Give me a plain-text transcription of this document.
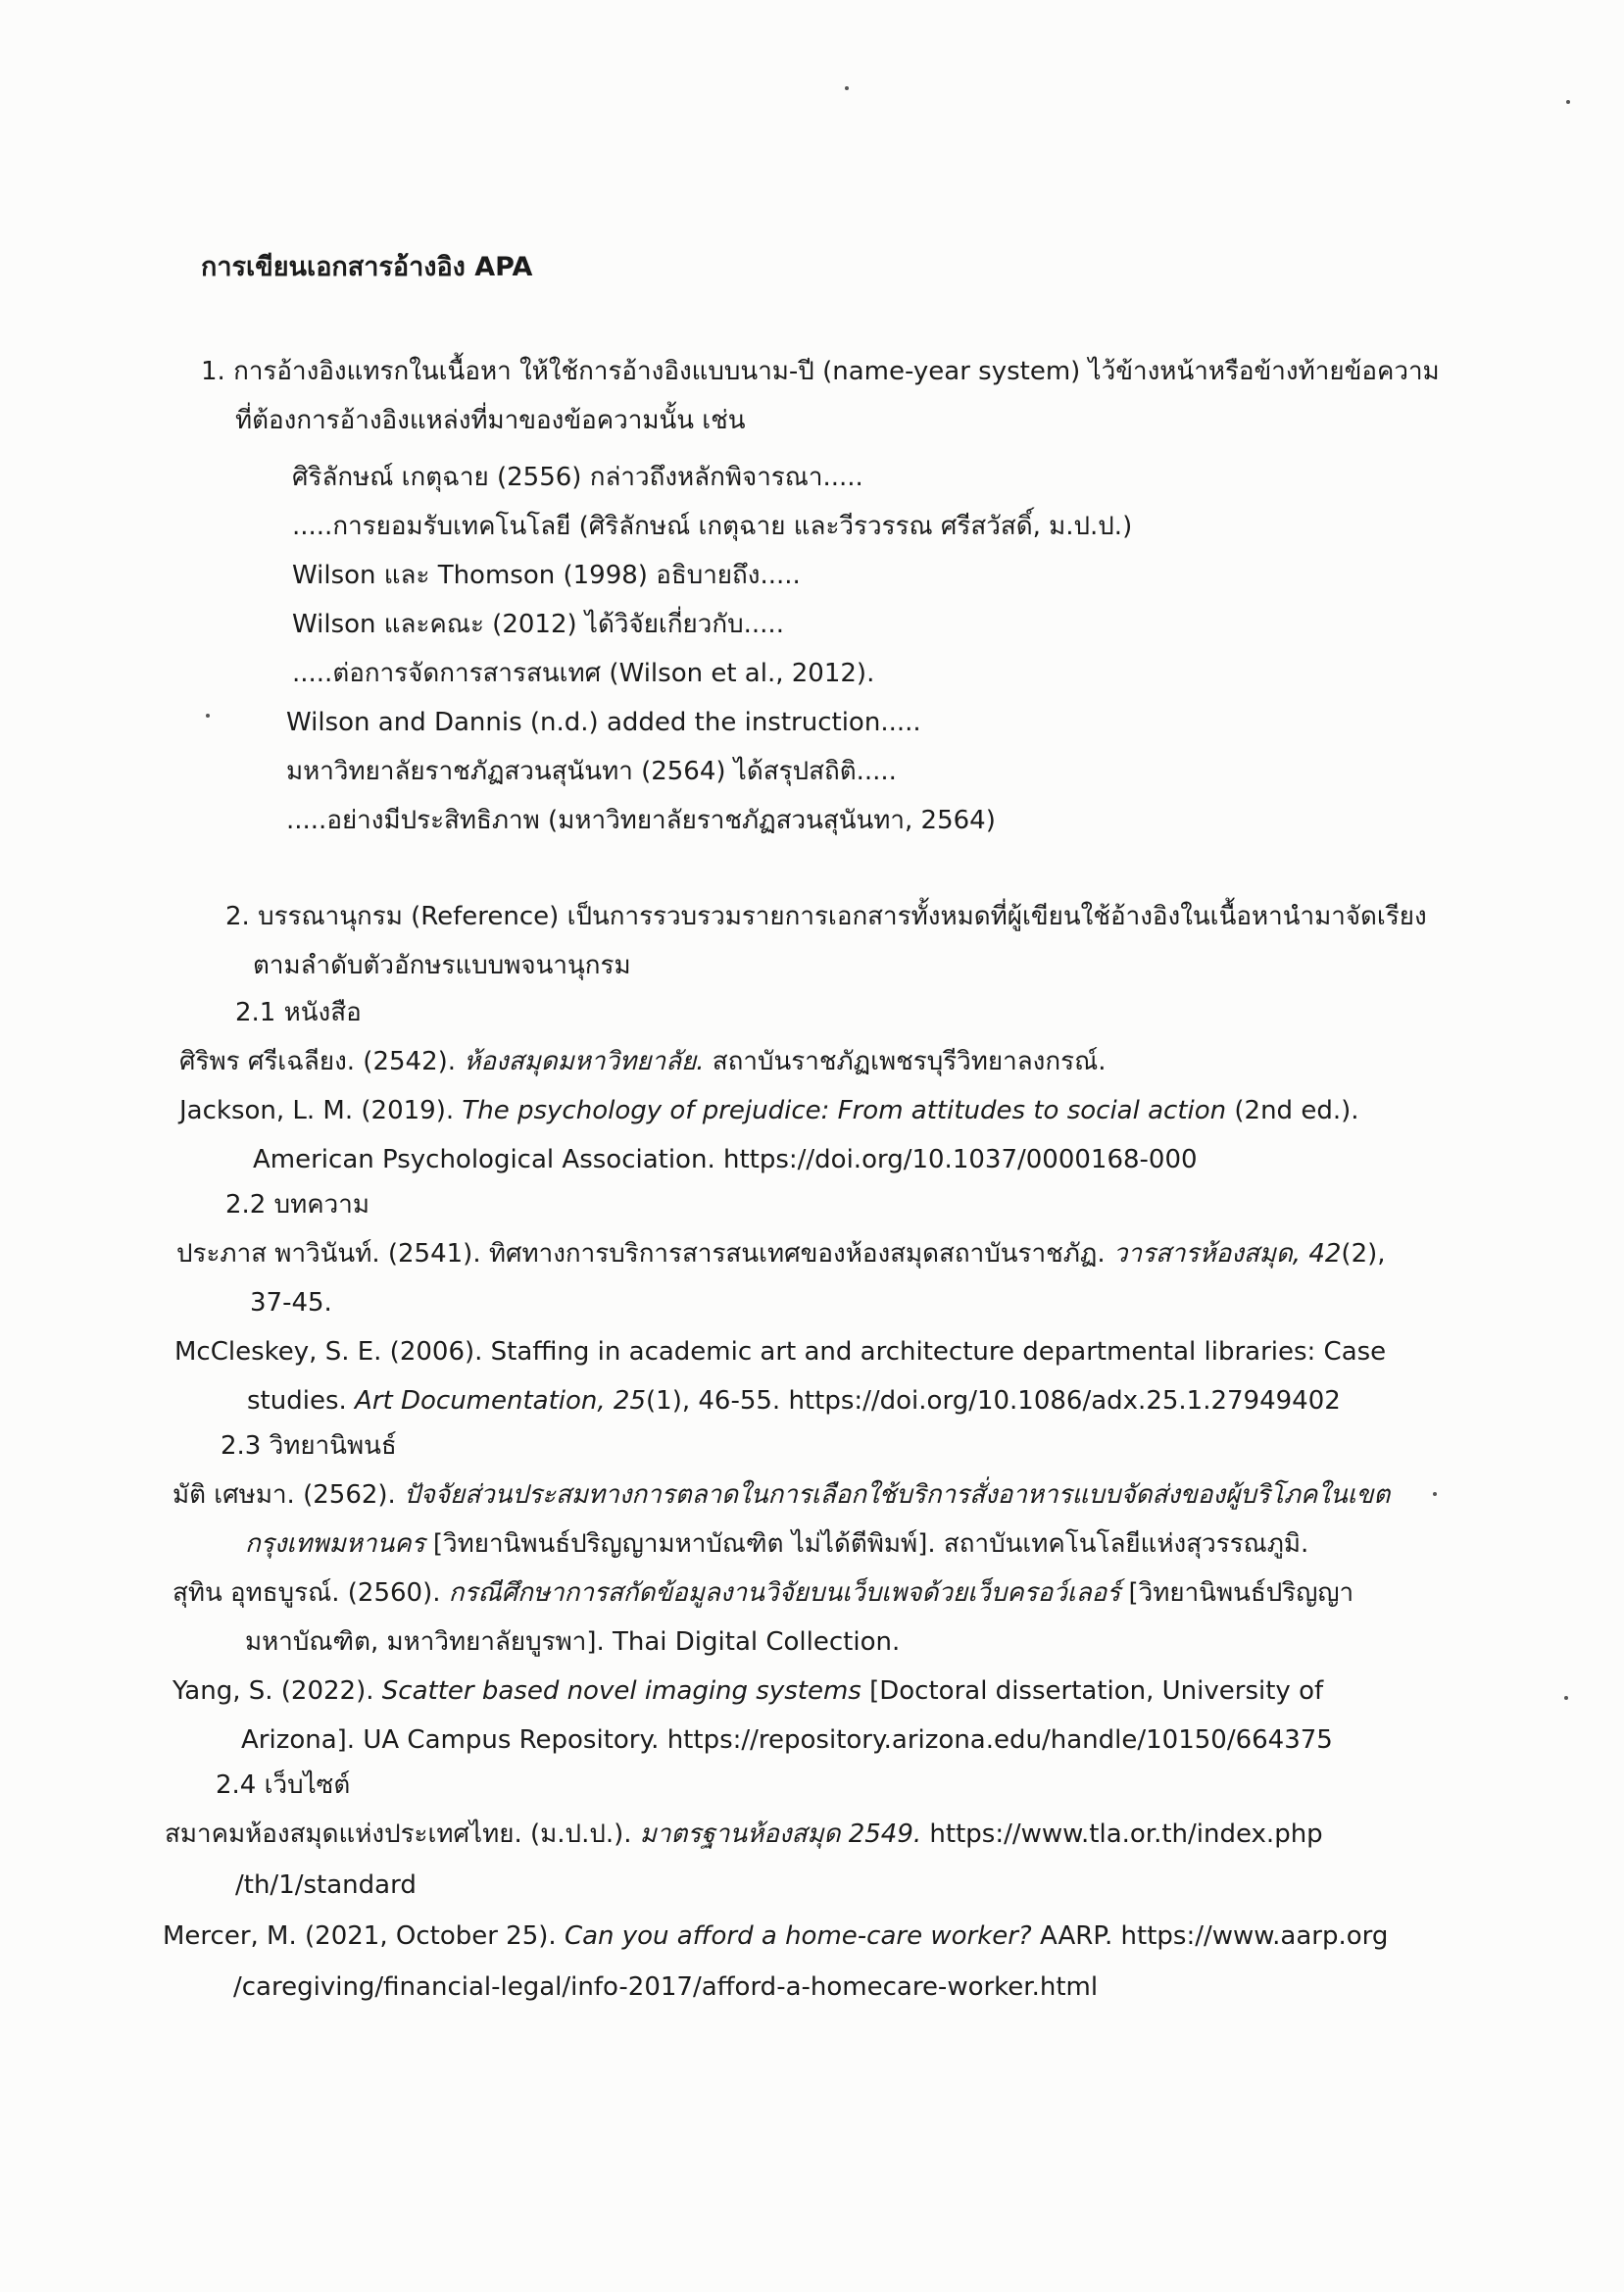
การเขียนเอกสารอ้างอิง APA

1. การอ้างอิงแทรกในเนื้อหา ให้ใช้การอ้างอิงแบบนาม-ปี (name-year system) ไว้ข้างหน้าหรือข้างท้ายข้อความ

ที่ต้องการอ้างอิงแหล่งที่มาของข้อความนั้น เช่น

ศิริลักษณ์ เกตุฉาย (2556) กล่าวถึงหลักพิจารณา.....

.....การยอมรับเทคโนโลยี (ศิริลักษณ์ เกตุฉาย และวีรวรรณ ศรีสวัสดิ์, ม.ป.ป.)

Wilson และ Thomson (1998) อธิบายถึง.....

Wilson และคณะ (2012) ได้วิจัยเกี่ยวกับ.....

.....ต่อการจัดการสารสนเทศ (Wilson et al., 2012).

Wilson and Dannis (n.d.) added the instruction.....

มหาวิทยาลัยราชภัฏสวนสุนันทา (2564) ได้สรุปสถิติ.....

.....อย่างมีประสิทธิภาพ (มหาวิทยาลัยราชภัฏสวนสุนันทา, 2564)

2. บรรณานุกรม (Reference) เป็นการรวบรวมรายการเอกสารทั้งหมดที่ผู้เขียนใช้อ้างอิงในเนื้อหานำมาจัดเรียง

ตามลำดับตัวอักษรแบบพจนานุกรม

2.1 หนังสือ

ศิริพร ศรีเฉลียง. (2542). ห้องสมุดมหาวิทยาลัย. สถาบันราชภัฏเพชรบุรีวิทยาลงกรณ์.

Jackson, L. M. (2019). The psychology of prejudice: From attitudes to social action (2nd ed.).

American Psychological Association. https://doi.org/10.1037/0000168-000

2.2 บทความ

ประภาส พาวินันท์. (2541). ทิศทางการบริการสารสนเทศของห้องสมุดสถาบันราชภัฏ. วารสารห้องสมุด, 42(2),

37-45.

McCleskey, S. E. (2006). Staffing in academic art and architecture departmental libraries: Case

studies. Art Documentation, 25(1), 46-55. https://doi.org/10.1086/adx.25.1.27949402

2.3 วิทยานิพนธ์

มัติ เศษมา. (2562). ปัจจัยส่วนประสมทางการตลาดในการเลือกใช้บริการสั่งอาหารแบบจัดส่งของผู้บริโภคในเขต

กรุงเทพมหานคร [วิทยานิพนธ์ปริญญามหาบัณฑิต ไม่ได้ตีพิมพ์]. สถาบันเทคโนโลยีแห่งสุวรรณภูมิ.

สุทิน อุทธบูรณ์. (2560). กรณีศึกษาการสกัดข้อมูลงานวิจัยบนเว็บเพจด้วยเว็บครอว์เลอร์ [วิทยานิพนธ์ปริญญา

มหาบัณฑิต, มหาวิทยาลัยบูรพา]. Thai Digital Collection.

Yang, S. (2022). Scatter based novel imaging systems [Doctoral dissertation, University of

Arizona]. UA Campus Repository. https://repository.arizona.edu/handle/10150/664375

2.4 เว็บไซต์

สมาคมห้องสมุดแห่งประเทศไทย. (ม.ป.ป.). มาตรฐานห้องสมุด 2549. https://www.tla.or.th/index.php

/th/1/standard

Mercer, M. (2021, October 25). Can you afford a home-care worker? AARP. https://www.aarp.org

/caregiving/financial-legal/info-2017/afford-a-homecare-worker.html
